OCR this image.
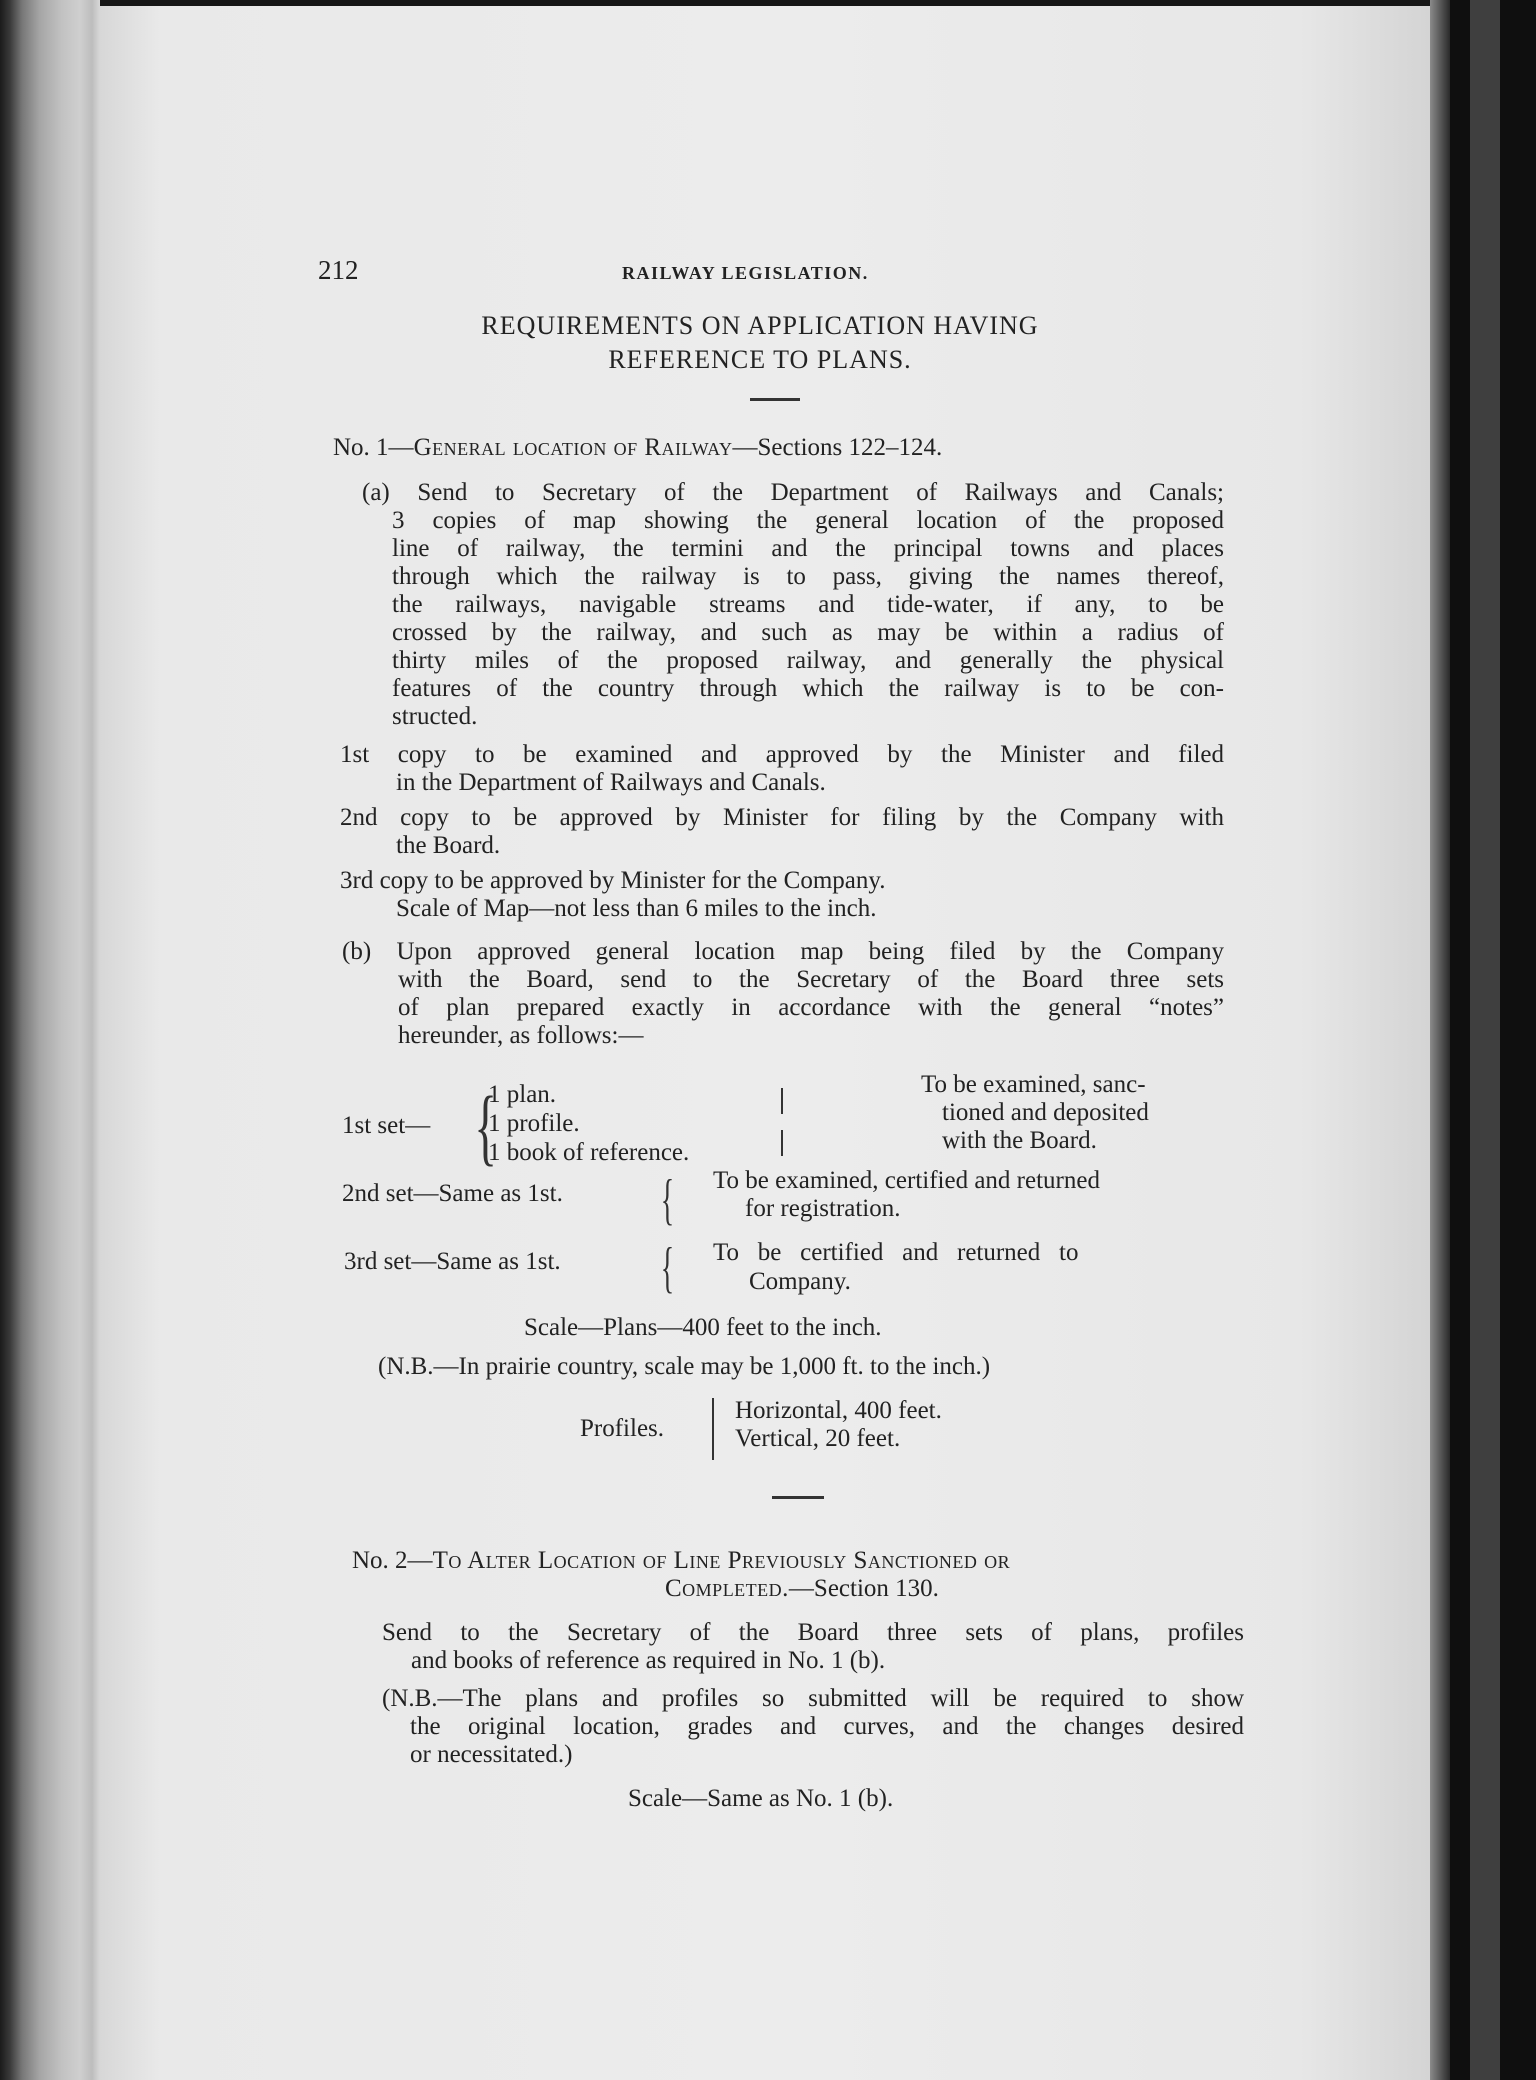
212	RAILWAY LEGISLATION.
REQUIREMENTS ON APPLICATION HAVING
REFERENCE TO PLANS.
No. 1—General location of Railway—Sections 122–124.
(a) Send to Secretary of the Department of Railways and Canals;
3 copies of map showing the general location of the proposed
line of railway, the termini and the principal towns and places
through which the railway is to pass, giving the names thereof,
the railways, navigable streams and tide-water, if any, to be
crossed by the railway, and such as may be within a radius of
thirty miles of the proposed railway, and generally the physical
features of the country through which the railway is to be con-
structed.
1st copy to be examined and approved by the Minister and filed
in the Department of Railways and Canals.
2nd copy to be approved by Minister for filing by the Company with
the Board.
3rd copy to be approved by Minister for the Company.
Scale of Map—not less than 6 miles to the inch.
(b) Upon approved general location map being filed by the Company
with the Board, send to the Secretary of the Board three sets
of plan prepared exactly in accordance with the general “notes”
hereunder, as follows:—
1st set— {
1 plan.
1 profile.
1 book of reference.
To be examined, sanc-
tioned and deposited
with the Board.
2nd set—Same as 1st. { To be examined, certified and returned
for registration.
3rd set—Same as 1st. { To   be   certified   and   returned   to
Company.
Scale—Plans—400 feet to the inch.
(N.B.—In prairie country, scale may be 1,000 ft. to the inch.)
Profiles.
Horizontal, 400 feet.
Vertical, 20 feet.
No. 2—To Alter Location of Line Previously Sanctioned or
Completed.—Section 130.
Send to the Secretary of the Board three sets of plans, profiles
and books of reference as required in No. 1 (b).
(N.B.—The plans and profiles so submitted will be required to show
the original location, grades and curves, and the changes desired
or necessitated.)
Scale—Same as No. 1 (b).
